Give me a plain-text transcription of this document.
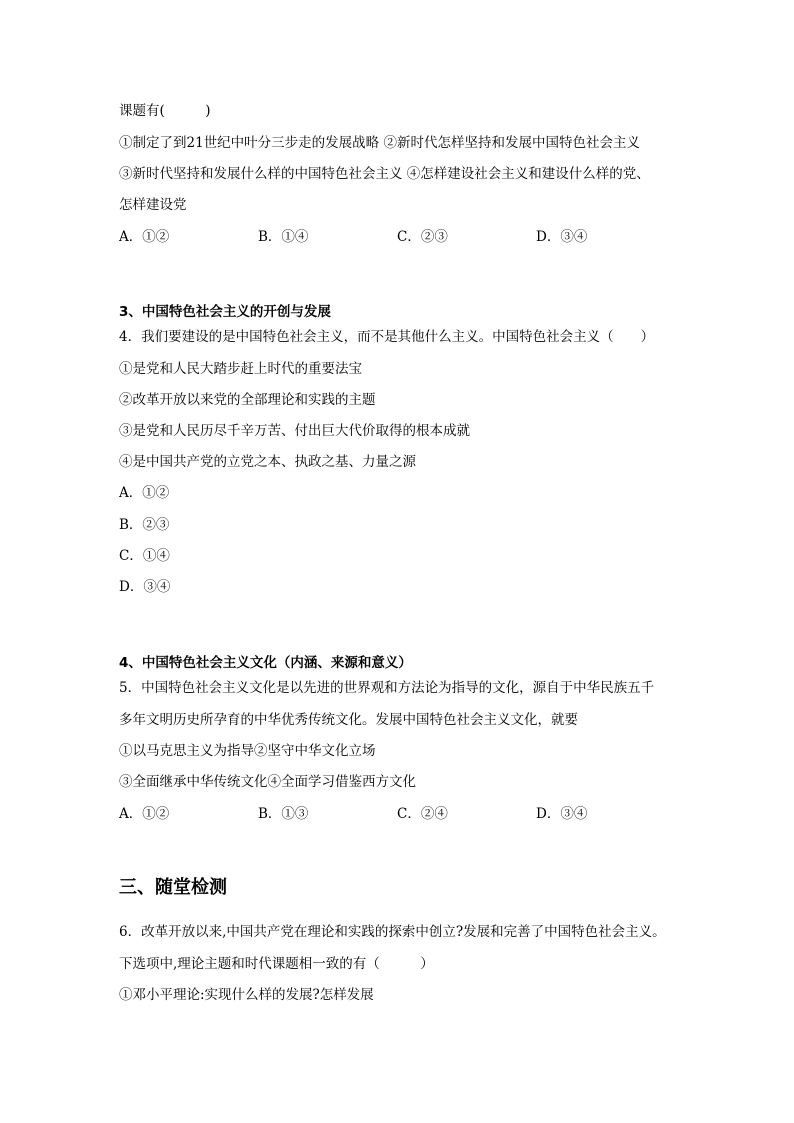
课题有(　　　)
①制定了到21世纪中叶分三步走的发展战略 ②新时代怎样坚持和发展中国特色社会主义
③新时代坚持和发展什么样的中国特色社会主义 ④怎样建设社会主义和建设什么样的党、
怎样建设党
A．①②	B．①④	C．②③	D．③④
3、中国特色社会主义的开创与发展
4．我们要建设的是中国特色社会主义，而不是其他什么主义。中国特色社会主义（　　）
①是党和人民大踏步赶上时代的重要法宝
②改革开放以来党的全部理论和实践的主题
③是党和人民历尽千辛万苦、付出巨大代价取得的根本成就
④是中国共产党的立党之本、执政之基、力量之源
A．①②
B．②③
C．①④
D．③④
4、中国特色社会主义文化（内涵、来源和意义）
5．中国特色社会主义文化是以先进的世界观和方法论为指导的文化，源自于中华民族五千
多年文明历史所孕育的中华优秀传统文化。发展中国特色社会主义文化，就要
①以马克思主义为指导②坚守中华文化立场
③全面继承中华传统文化④全面学习借鉴西方文化
A．①②	B．①③	C．②④	D．③④
三、随堂检测
6．改革开放以来,中国共产党在理论和实践的探索中创立?发展和完善了中国特色社会主义。
下选项中,理论主题和时代课题相一致的有（　　　）
①邓小平理论:实现什么样的发展?怎样发展
